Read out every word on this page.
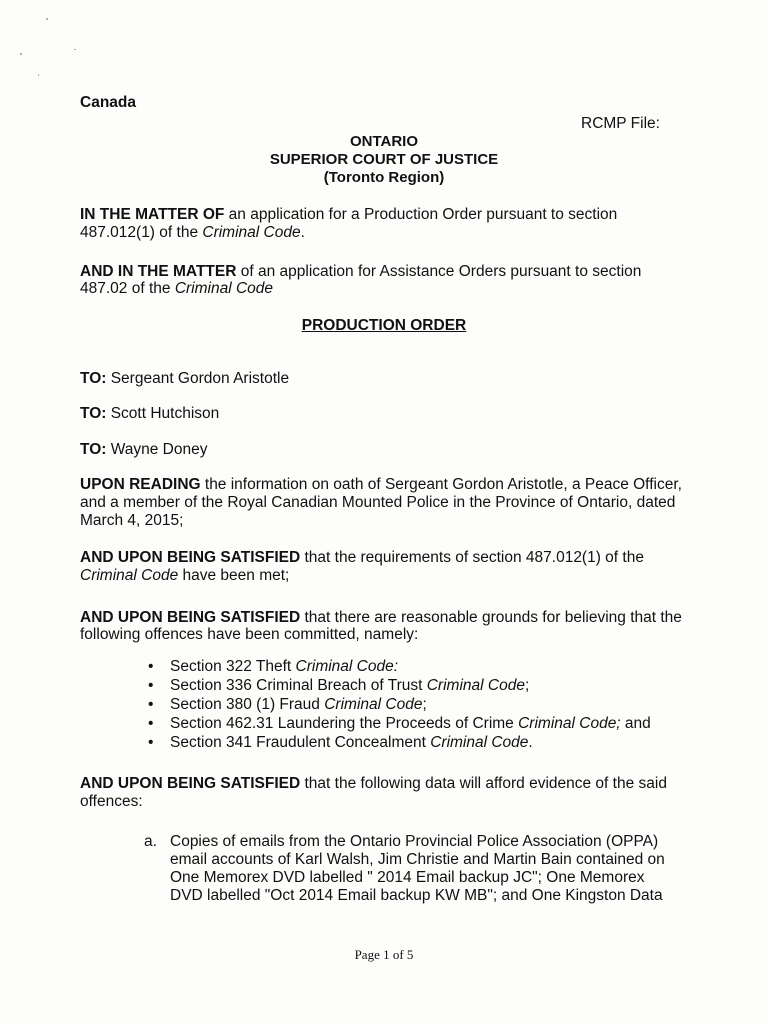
Canada

RCMP File:

ONTARIO

SUPERIOR COURT OF JUSTICE

(Toronto Region)

IN THE MATTER OF an application for a Production Order pursuant to section

487.012(1) of the Criminal Code.

AND IN THE MATTER of an application for Assistance Orders pursuant to section

487.02 of the Criminal Code

PRODUCTION ORDER

TO: Sergeant Gordon Aristotle

TO: Scott Hutchison

TO: Wayne Doney

UPON READING the information on oath of Sergeant Gordon Aristotle, a Peace Officer,

and a member of the Royal Canadian Mounted Police in the Province of Ontario, dated

March 4, 2015;

AND UPON BEING SATISFIED that the requirements of section 487.012(1) of the

Criminal Code have been met;

AND UPON BEING SATISFIED that there are reasonable grounds for believing that the

following offences have been committed, namely:

• Section 322 Theft Criminal Code:
• Section 336 Criminal Breach of Trust Criminal Code;
• Section 380 (1) Fraud Criminal Code;
• Section 462.31 Laundering the Proceeds of Crime Criminal Code; and
• Section 341 Fraudulent Concealment Criminal Code.

AND UPON BEING SATISFIED that the following data will afford evidence of the said

offences:

a. Copies of emails from the Ontario Provincial Police Association (OPPA)
email accounts of Karl Walsh, Jim Christie and Martin Bain contained on
One Memorex DVD labelled " 2014 Email backup JC"; One Memorex
DVD labelled "Oct 2014 Email backup KW MB"; and One Kingston Data
Page 1 of 5
